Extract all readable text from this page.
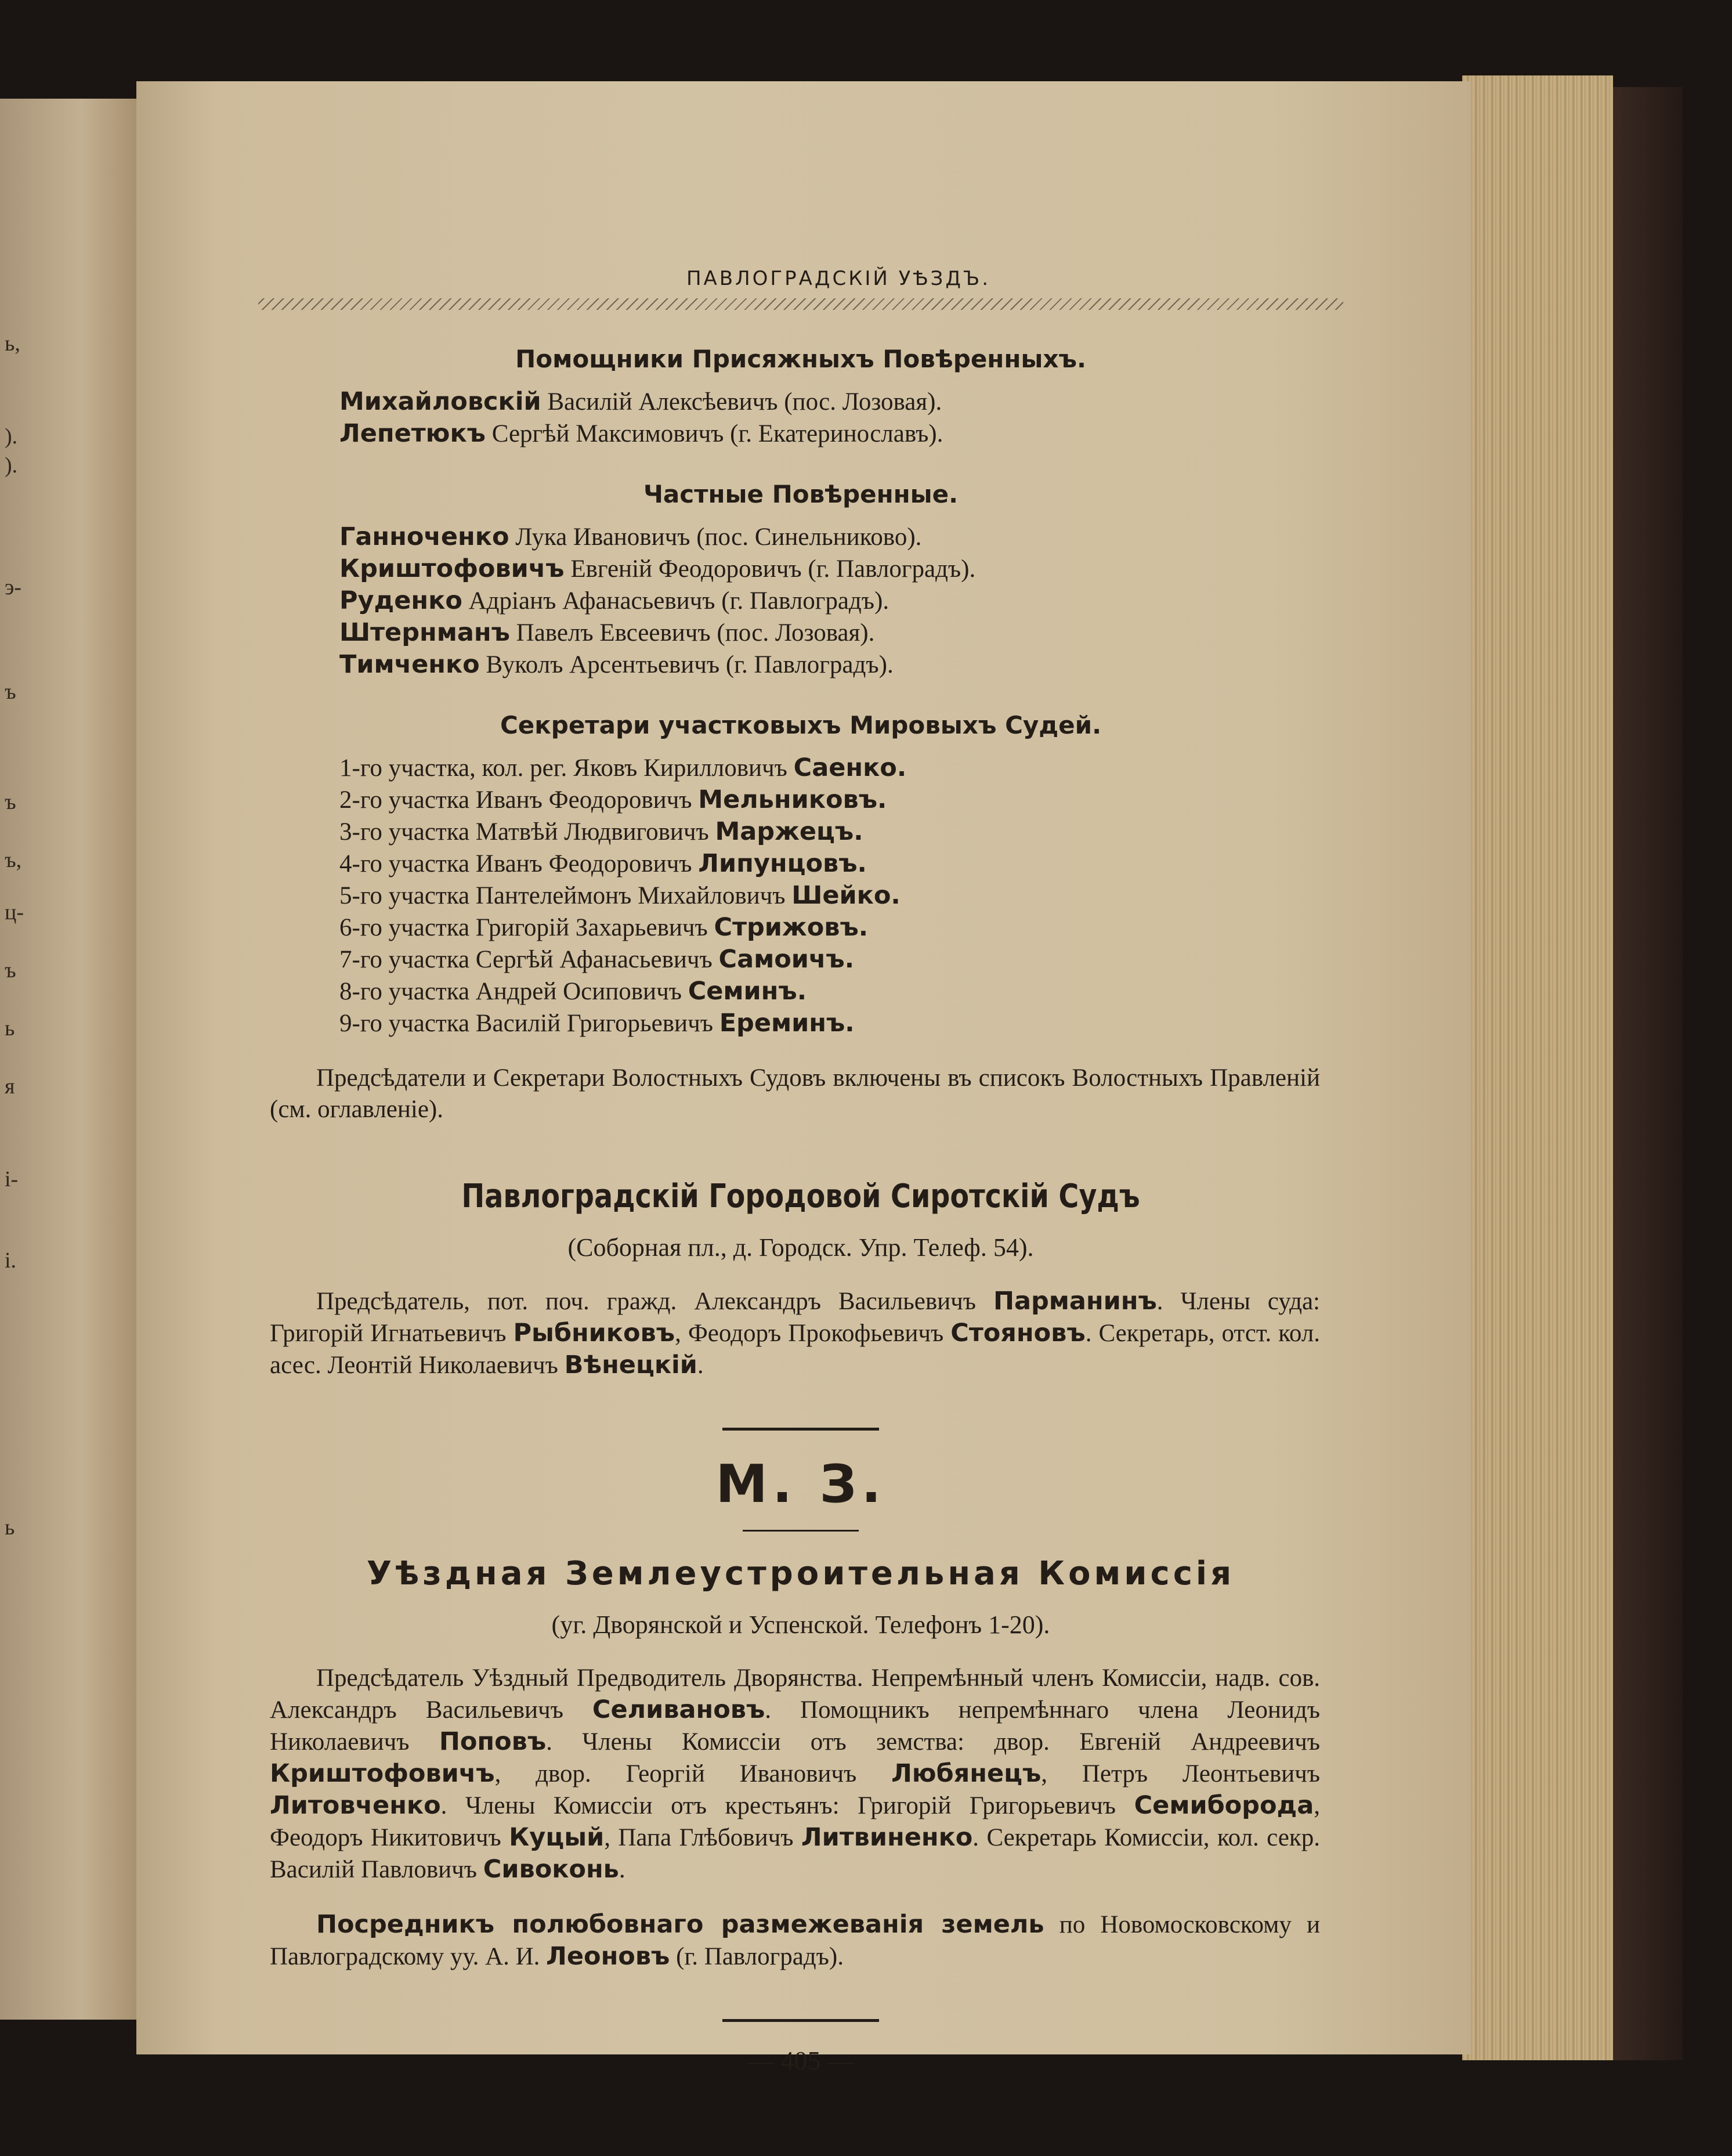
ь,
).
).
э-
ъ
ъ
ъ,
ц-
ъ
ь
я
і-
і.
ь
ПАВЛОГРАДСКІЙ УѢЗДЪ.
Помощники Присяжныхъ Повѣренныхъ.
Михайловскій Василій Алексѣевичъ (пос. Лозовая).
Лепетюкъ Сергѣй Максимовичъ (г. Екатеринославъ).
Частные Повѣренные.
Ганноченко Лука Ивановичъ (пос. Синельниково).
Криштофовичъ Евгеній Феодоровичъ (г. Павлоградъ).
Руденко Адріанъ Афанасьевичъ (г. Павлоградъ).
Штернманъ Павелъ Евсеевичъ (пос. Лозовая).
Тимченко Вуколъ Арсентьевичъ (г. Павлоградъ).
Секретари участковыхъ Мировыхъ Судей.
1-го участка, кол. рег. Яковъ Кирилловичъ Саенко.
2-го участка Иванъ Феодоровичъ Мельниковъ.
3-го участка Матвѣй Людвиговичъ Маржецъ.
4-го участка Иванъ Феодоровичъ Липунцовъ.
5-го участка Пантелеймонъ Михайловичъ Шейко.
6-го участка Григорій Захарьевичъ Стрижовъ.
7-го участка Сергѣй Афанасьевичъ Самоичъ.
8-го участка Андрей Осиповичъ Семинъ.
9-го участка Василій Григорьевичъ Ереминъ.
Предсѣдатели и Секретари Волостныхъ Судовъ включены въ списокъ Волостныхъ Правленій (см. оглавленіе).
Павлоградскій Городовой Сиротскій Судъ
(Соборная пл., д. Городск. Упр. Телеф. 54).
Предсѣдатель, пот. поч. гражд. Александръ Васильевичъ Парманинъ. Члены суда: Григорій Игнатьевичъ Рыбниковъ, Феодоръ Прокофьевичъ Стояновъ. Секретарь, отст. кол. асес. Леонтій Николаевичъ Вѣнецкій.
М. З.
Уѣздная Землеустроительная Комиссія
(уг. Дворянской и Успенской. Телефонъ 1-20).
Предсѣдатель Уѣздный Предводитель Дворянства. Непремѣнный членъ Комиссіи, надв. сов. Александръ Васильевичъ Селивановъ. Помощникъ непремѣннаго члена Леонидъ Николаевичъ Поповъ. Члены Комиссіи отъ земства: двор. Евгеній Андреевичъ Криштофовичъ, двор. Георгій Ивановичъ Любянецъ, Петръ Леонтьевичъ Литовченко. Члены Комиссіи отъ крестьянъ: Григорій Григорьевичъ Семибородa, Феодоръ Никитовичъ Куцый, Папа Глѣбовичъ Литвиненко. Секретарь Комиссіи, кол. секр. Василій Павловичъ Сивоконь.
Посредникъ полюбовнаго размежеванія земель по Новомосковскому и Павлоградскому уу. А. И. Леоновъ (г. Павлоградъ).
— 405 —
